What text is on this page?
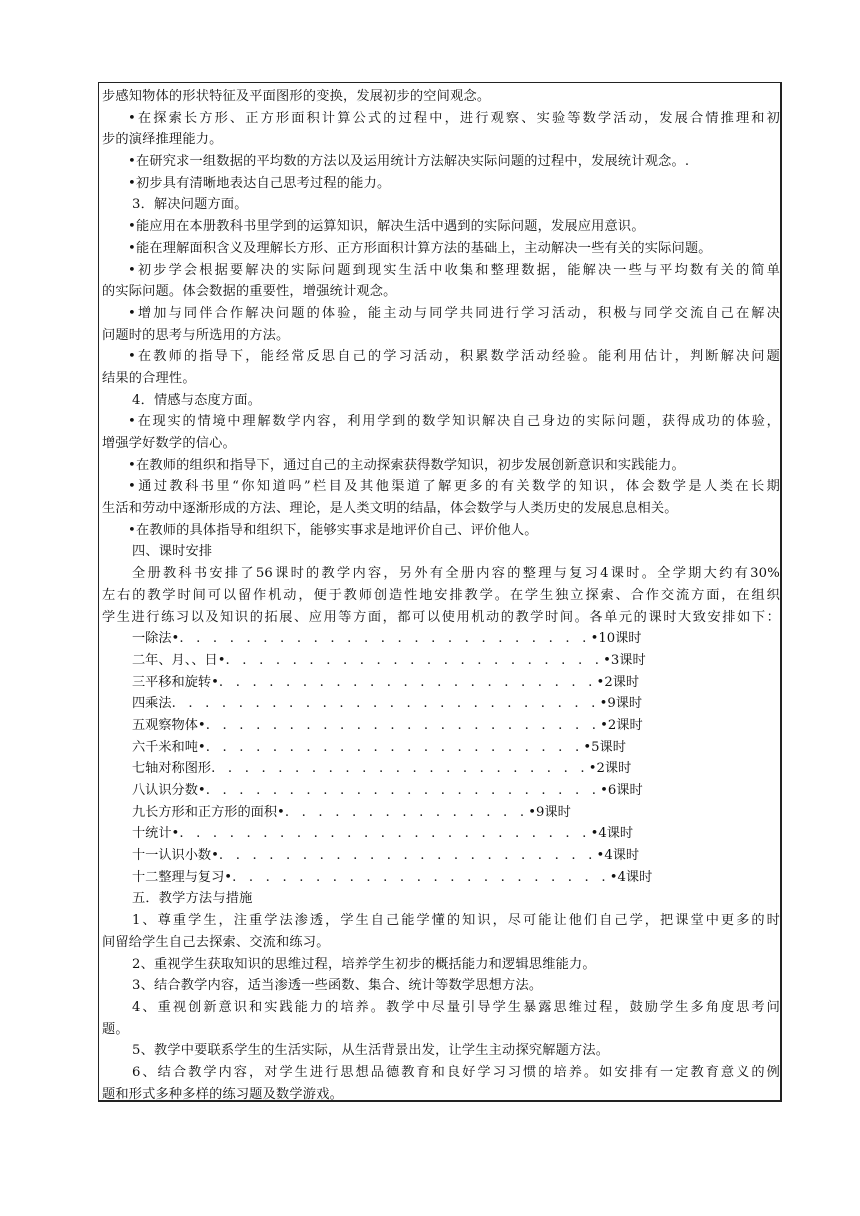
步感知物体的形状特征及平面图形的变换，发展初步的空间观念。
•在探索长方形、正方形面积计算公式的过程中，进行观察、实验等数学活动，发展合情推理和初
步的演绎推理能力。
•在研究求一组数据的平均数的方法以及运用统计方法解决实际问题的过程中，发展统计观念。.
•初步具有清晰地表达自己思考过程的能力。
3．解决问题方面。
•能应用在本册教科书里学到的运算知识，解决生活中遇到的实际问题，发展应用意识。
•能在理解面积含义及理解长方形、正方形面积计算方法的基础上，主动解决一些有关的实际问题。
•初步学会根据要解决的实际问题到现实生活中收集和整理数据，能解决一些与平均数有关的简单
的实际问题。体会数据的重要性，增强统计观念。
•增加与同伴合作解决问题的体验，能主动与同学共同进行学习活动，积极与同学交流自己在解决
问题时的思考与所选用的方法。
•在教师的指导下，能经常反思自己的学习活动，积累数学活动经验。能利用估计，判断解决问题
结果的合理性。
4．情感与态度方面。
•在现实的情境中理解数学内容，利用学到的数学知识解决自己身边的实际问题，获得成功的体验，
增强学好数学的信心。
•在教师的组织和指导下，通过自己的主动探索获得数学知识，初步发展创新意识和实践能力。
•通过教科书里“你知道吗”栏目及其他渠道了解更多的有关数学的知识，体会数学是人类在长期
生活和劳动中逐渐形成的方法、理论，是人类文明的结晶，体会数学与人类历史的发展息息相关。
•在教师的具体指导和组织下，能够实事求是地评价自己、评价他人。
四、课时安排
全册教科书安排了56课时的教学内容，另外有全册内容的整理与复习4课时。全学期大约有30%
左右的教学时间可以留作机动，便于教师创造性地安排教学。在学生独立探索、合作交流方面，在组织
学生进行练习以及知识的拓展、应用等方面，都可以使用机动的教学时间。各单元的课时大致安排如下：
一除法•. . . . . . . . . . . . . . . . . . . . . . . . .•10课时
二年、月、、日•. . . . . . . . . . . . . . . . . . . . . . .•3课时
三平移和旋转•. . . . . . . . . . . . . . . . . . . . . . .•2课时
四乘法. . . . . . . . . . . . . . . . . . . . . . . . . .•9课时
五观察物体•. . . . . . . . . . . . . . . . . . . . . . . .•2课时
六千米和吨•. . . . . . . . . . . . . . . . . . . . . . .•5课时
七轴对称图形. . . . . . . . . . . . . . . . . . . . . . .•2课时
八认识分数•. . . . . . . . . . . . . . . . . . . . . . . .•6课时
九长方形和正方形的面积•. . . . . . . . . . . . . . .•9课时
十统计•. . . . . . . . . . . . . . . . . . . . . . . . .•4课时
十一认识小数•. . . . . . . . . . . . . . . . . . . . . . .•4课时
十二整理与复习•. . . . . . . . . . . . . . . . . . . . . . .•4课时
五．教学方法与措施
1、尊重学生，注重学法渗透，学生自己能学懂的知识，尽可能让他们自己学，把课堂中更多的时
间留给学生自己去探索、交流和练习。
2、重视学生获取知识的思维过程，培养学生初步的概括能力和逻辑思维能力。
3、结合教学内容，适当渗透一些函数、集合、统计等数学思想方法。
4、重视创新意识和实践能力的培养。教学中尽量引导学生暴露思维过程，鼓励学生多角度思考问
题。
5、教学中要联系学生的生活实际，从生活背景出发，让学生主动探究解题方法。
6、结合教学内容，对学生进行思想品德教育和良好学习习惯的培养。如安排有一定教育意义的例
题和形式多种多样的练习题及数学游戏。
